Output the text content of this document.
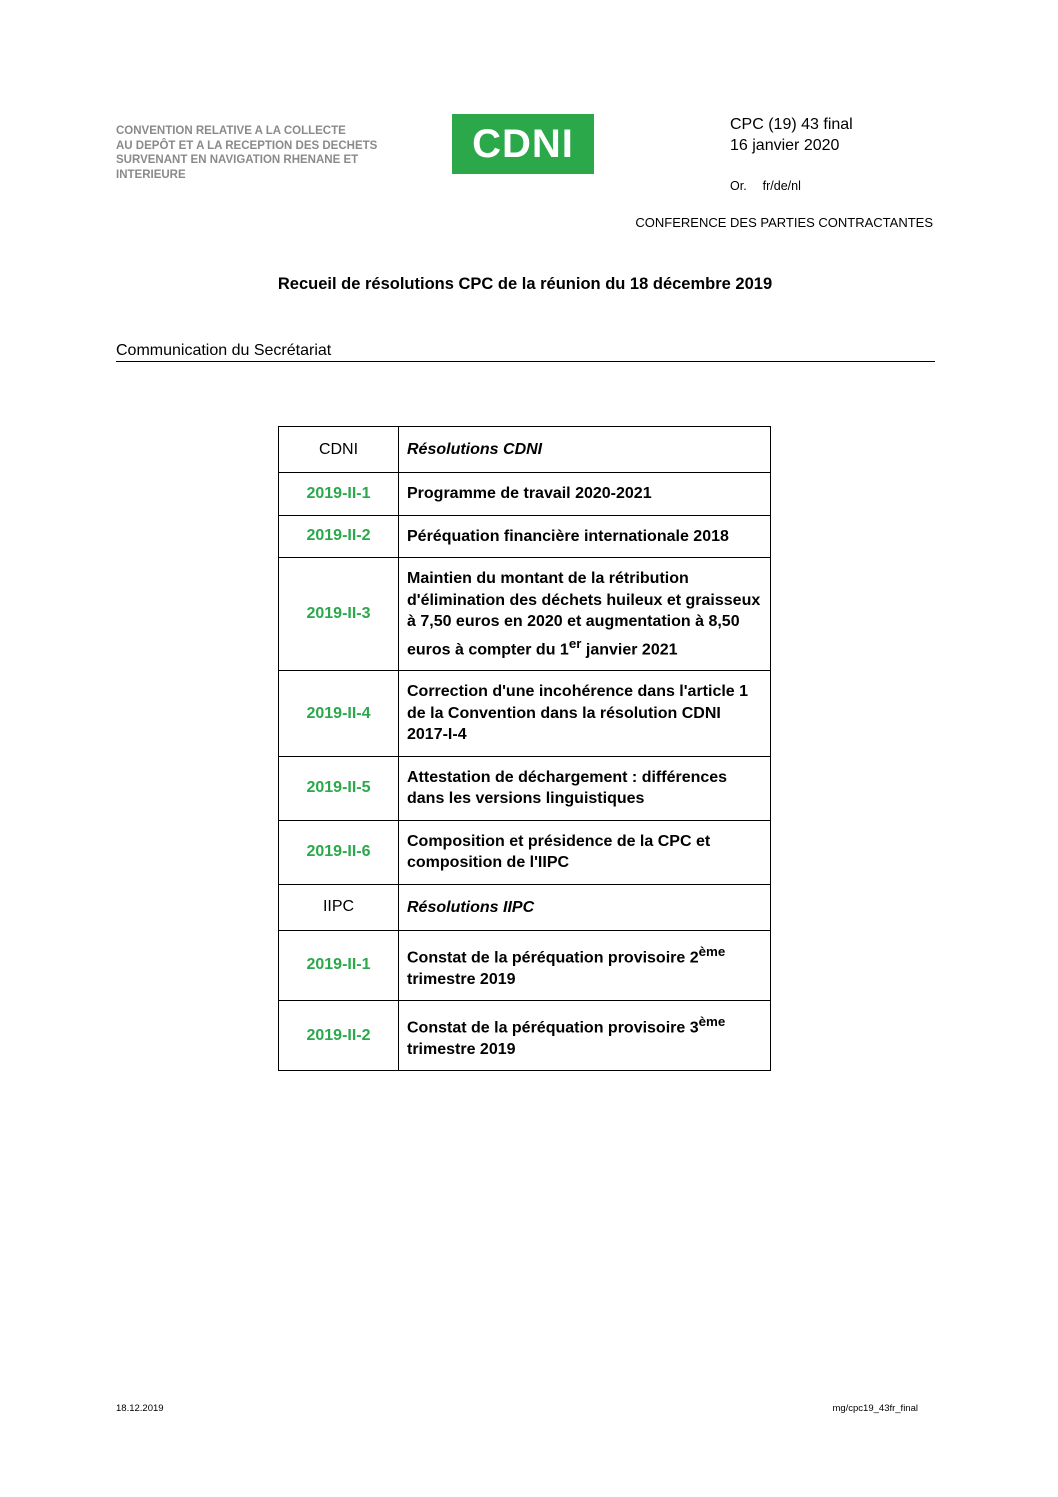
CONVENTION RELATIVE A LA COLLECTE
AU DEPÔT ET A LA RECEPTION DES DECHETS
SURVENANT EN NAVIGATION RHENANE ET
INTERIEURE
CDNI	CPC (19) 43 final
16 janvier 2020
Or. fr/de/nl
CONFERENCE DES PARTIES CONTRACTANTES
Recueil de résolutions CPC de la réunion du 18 décembre 2019
Communication du Secrétariat
CDNI	Résolutions CDNI
2019-II-1	Programme de travail 2020-2021
2019-II-2	Péréquation financière internationale 2018
2019-II-3	Maintien du montant de la rétribution d'élimination des déchets huileux et graisseux à 7,50 euros en 2020 et augmentation à 8,50 euros à compter du 1er janvier 2021
2019-II-4	Correction d'une incohérence dans l'article 1 de la Convention dans la résolution CDNI 2017-I-4
2019-II-5	Attestation de déchargement : différences dans les versions linguistiques
2019-II-6	Composition et présidence de la CPC et composition de l'IIPC
IIPC	Résolutions IIPC
2019-II-1	Constat de la péréquation provisoire 2ème trimestre 2019
2019-II-2	Constat de la péréquation provisoire 3ème trimestre 2019
18.12.2019	mg/cpc19_43fr_final
